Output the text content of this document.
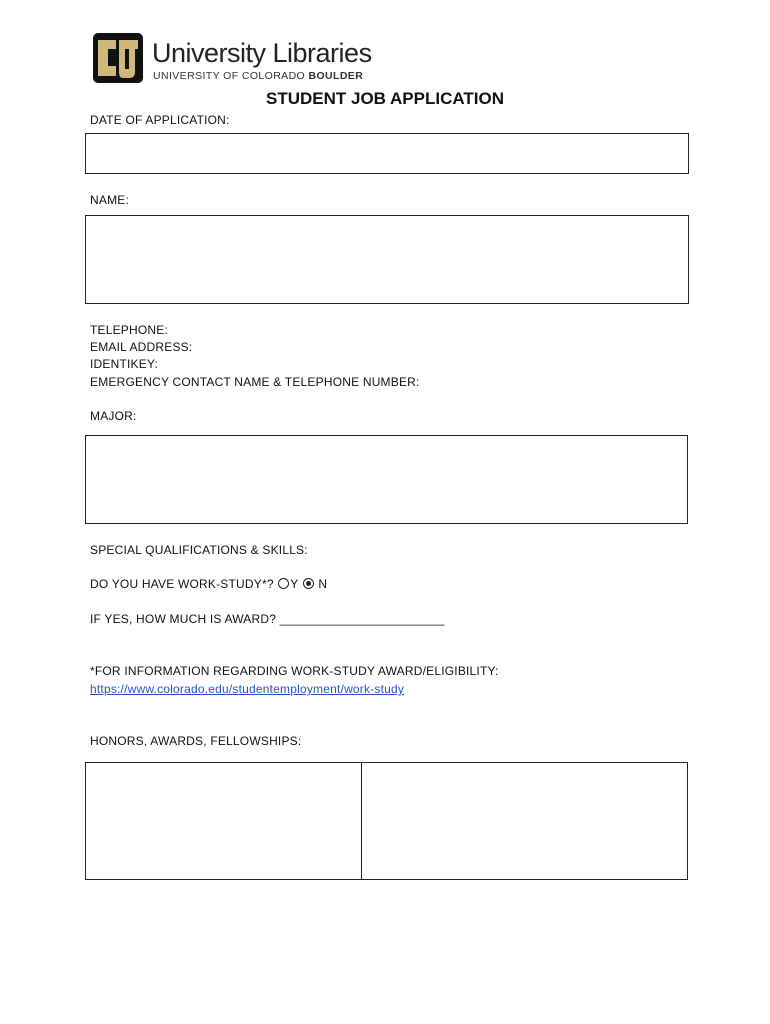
University Libraries
UNIVERSITY OF COLORADO BOULDER
STUDENT JOB APPLICATION
DATE OF APPLICATION:
NAME:
TELEPHONE:
EMAIL ADDRESS:
IDENTIKEY:
EMERGENCY CONTACT NAME & TELEPHONE NUMBER:
MAJOR:
SPECIAL QUALIFICATIONS & SKILLS:
DO YOU HAVE WORK-STUDY*? Y N
IF YES, HOW MUCH IS AWARD? ________________________
*FOR INFORMATION REGARDING WORK-STUDY AWARD/ELIGIBILITY:
https://www.colorado.edu/studentemployment/work-study
HONORS, AWARDS, FELLOWSHIPS:
